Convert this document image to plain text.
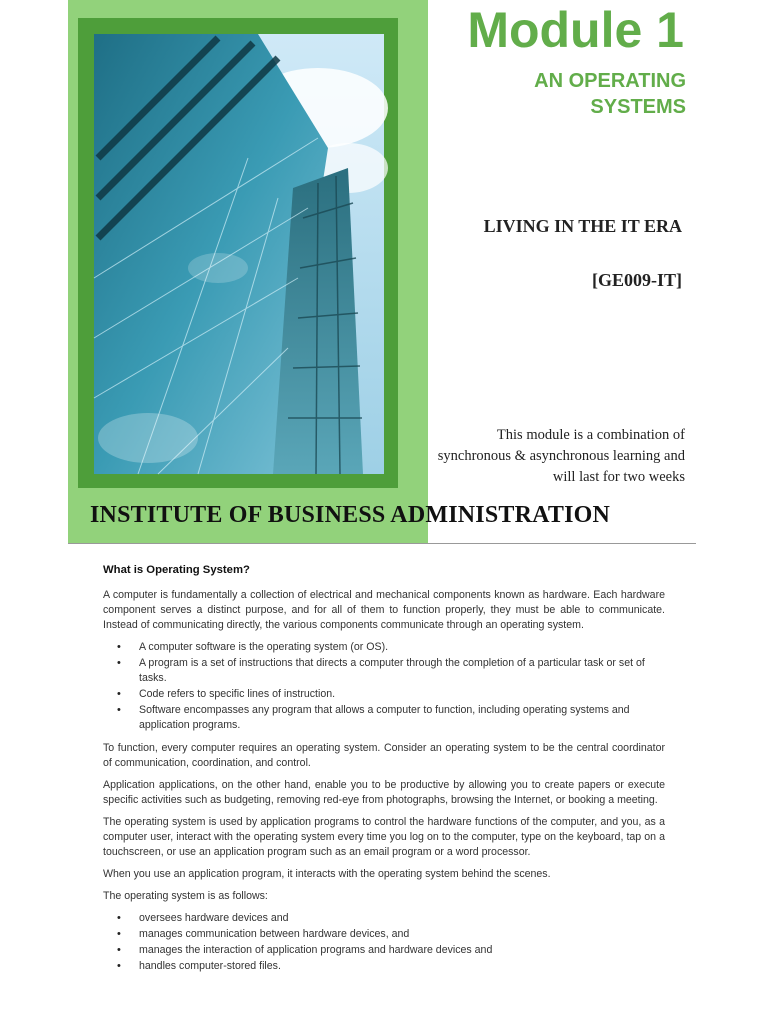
INSTITUTE OF BUSINESS ADMINISTRATION
Module 1
AN OPERATING SYSTEMS
LIVING IN THE IT ERA
[GE009-IT]
This module is a combination of synchronous & asynchronous learning and will last for two weeks
What is Operating System?

A computer is fundamentally a collection of electrical and mechanical components known as hardware. Each hardware component serves a distinct purpose, and for all of them to function properly, they must be able to communicate. Instead of communicating directly, the various components communicate through an operating system.

• A computer software is the operating system (or OS).
• A program is a set of instructions that directs a computer through the completion of a particular task or set of tasks.
• Code refers to specific lines of instruction.
• Software encompasses any program that allows a computer to function, including operating systems and application programs.

To function, every computer requires an operating system. Consider an operating system to be the central coordinator of communication, coordination, and control.

Application applications, on the other hand, enable you to be productive by allowing you to create papers or execute specific activities such as budgeting, removing red-eye from photographs, browsing the Internet, or booking a meeting.

The operating system is used by application programs to control the hardware functions of the computer, and you, as a computer user, interact with the operating system every time you log on to the computer, type on the keyboard, tap on a touchscreen, or use an application program such as an email program or a word processor.

When you use an application program, it interacts with the operating system behind the scenes.

The operating system is as follows:

• oversees hardware devices and
• manages communication between hardware devices, and
• manages the interaction of application programs and hardware devices and
• handles computer-stored files.
